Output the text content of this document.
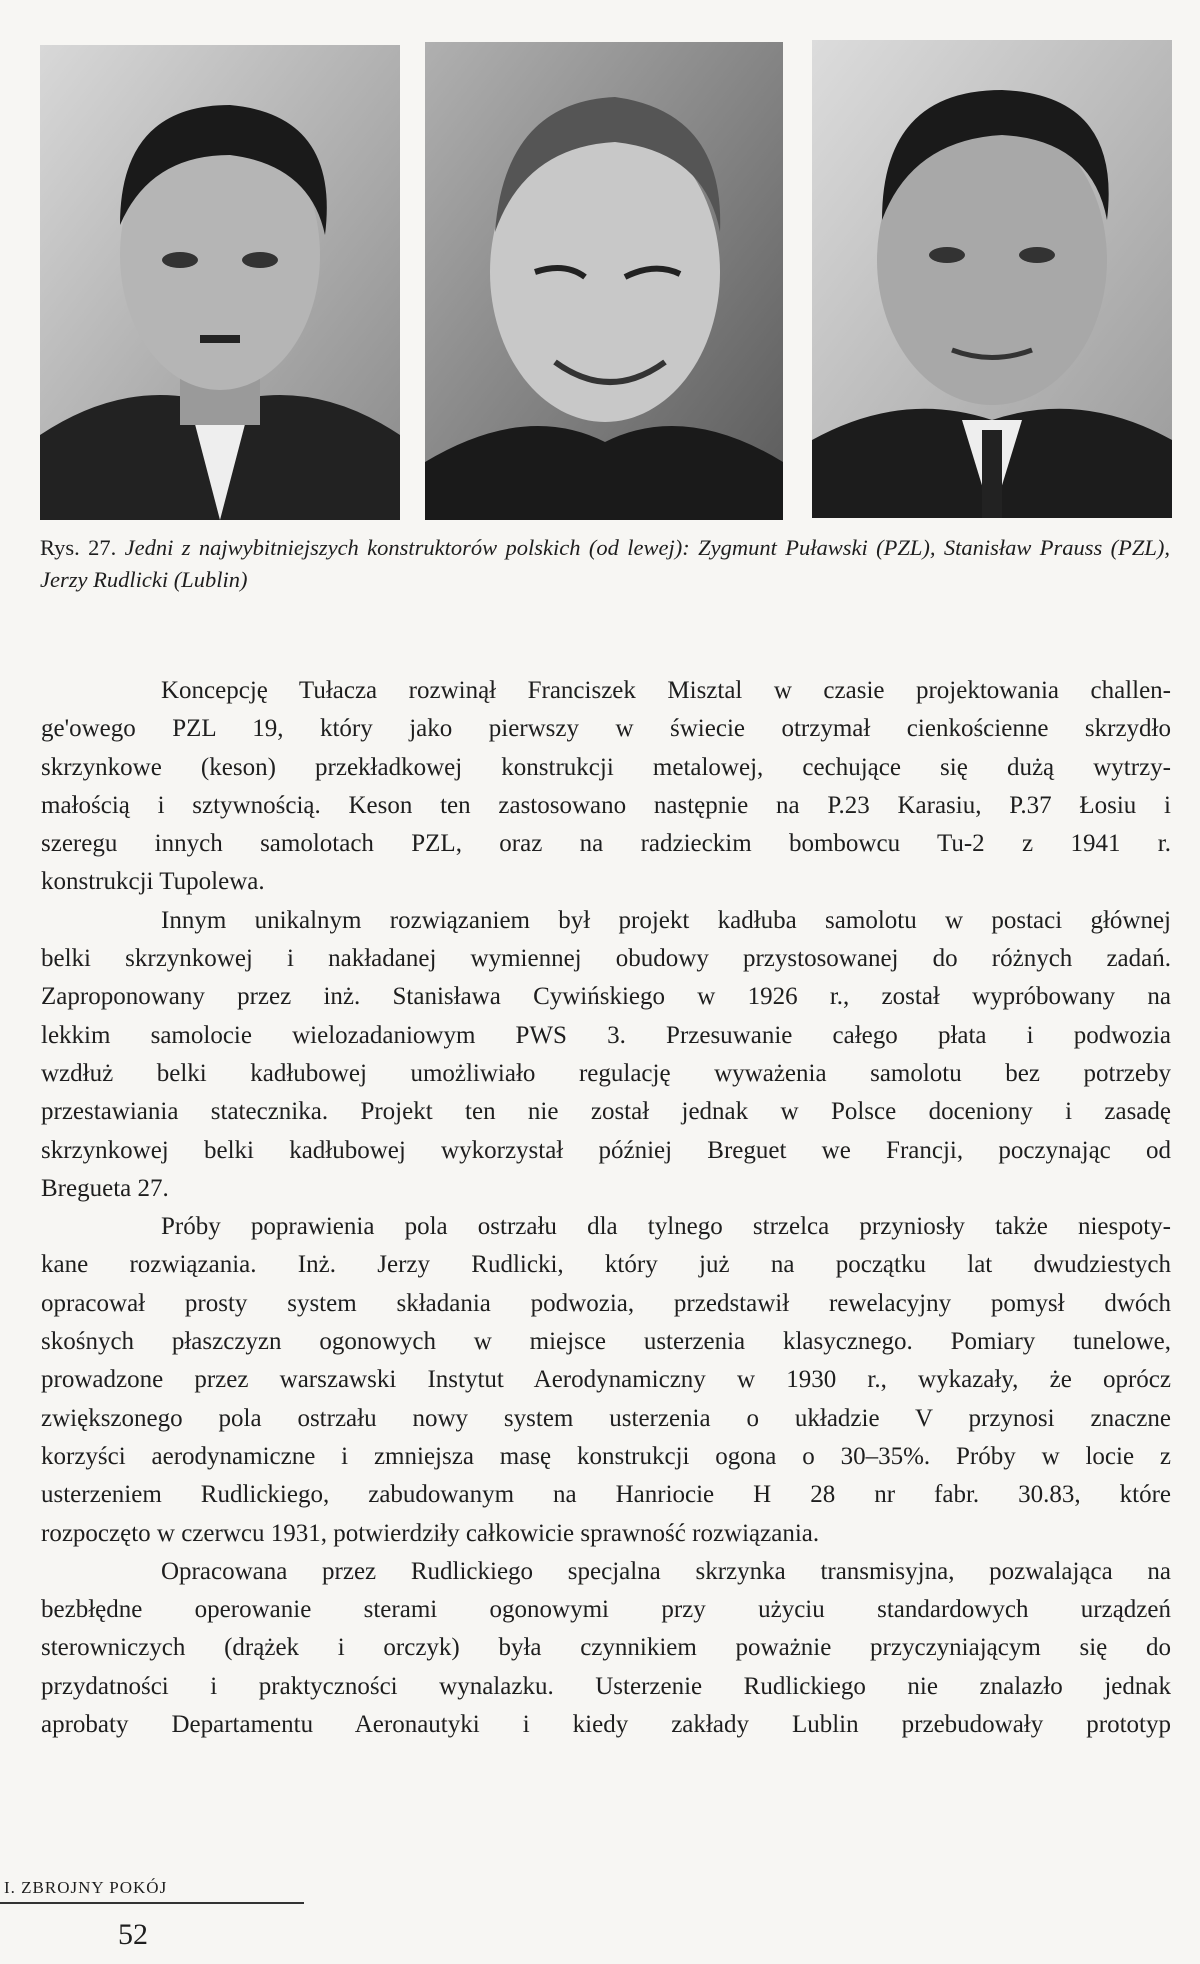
Rys. 27. Jedni z najwybitniejszych konstruktorów polskich (od lewej): Zygmunt Puławski (PZL), Stanisław Prauss (PZL), Jerzy Rudlicki (Lublin)
Koncepcję Tułacza rozwinął Franciszek Misztal w czasie projektowania challen-
ge'owego PZL 19, który jako pierwszy w świecie otrzymał cienkościenne skrzydło
skrzynkowe (keson) przekładkowej konstrukcji metalowej, cechujące się dużą wytrzy-
małością i sztywnością. Keson ten zastosowano następnie na P.23 Karasiu, P.37 Łosiu i
szeregu innych samolotach PZL, oraz na radzieckim bombowcu Tu-2 z 1941 r.
konstrukcji Tupolewa.
Innym unikalnym rozwiązaniem był projekt kadłuba samolotu w postaci głównej
belki skrzynkowej i nakładanej wymiennej obudowy przystosowanej do różnych zadań.
Zaproponowany przez inż. Stanisława Cywińskiego w 1926 r., został wypróbowany na
lekkim samolocie wielozadaniowym PWS 3. Przesuwanie całego płata i podwozia
wzdłuż belki kadłubowej umożliwiało regulację wyważenia samolotu bez potrzeby
przestawiania statecznika. Projekt ten nie został jednak w Polsce doceniony i zasadę
skrzynkowej belki kadłubowej wykorzystał później Breguet we Francji, poczynając od
Bregueta 27.
Próby poprawienia pola ostrzału dla tylnego strzelca przyniosły także niespoty-
kane rozwiązania. Inż. Jerzy Rudlicki, który już na początku lat dwudziestych
opracował prosty system składania podwozia, przedstawił rewelacyjny pomysł dwóch
skośnych płaszczyzn ogonowych w miejsce usterzenia klasycznego. Pomiary tunelowe,
prowadzone przez warszawski Instytut Aerodynamiczny w 1930 r., wykazały, że oprócz
zwiększonego pola ostrzału nowy system usterzenia o układzie V przynosi znaczne
korzyści aerodynamiczne i zmniejsza masę konstrukcji ogona o 30–35%. Próby w locie z
usterzeniem Rudlickiego, zabudowanym na Hanriocie H 28 nr fabr. 30.83, które
rozpoczęto w czerwcu 1931, potwierdziły całkowicie sprawność rozwiązania.
Opracowana przez Rudlickiego specjalna skrzynka transmisyjna, pozwalająca na
bezbłędne operowanie sterami ogonowymi przy użyciu standardowych urządzeń
sterowniczych (drążek i orczyk) była czynnikiem poważnie przyczyniającym się do
przydatności i praktyczności wynalazku. Usterzenie Rudlickiego nie znalazło jednak
aprobaty Departamentu Aeronautyki i kiedy zakłady Lublin przebudowały prototyp
I. ZBROJNY POKÓJ
52
